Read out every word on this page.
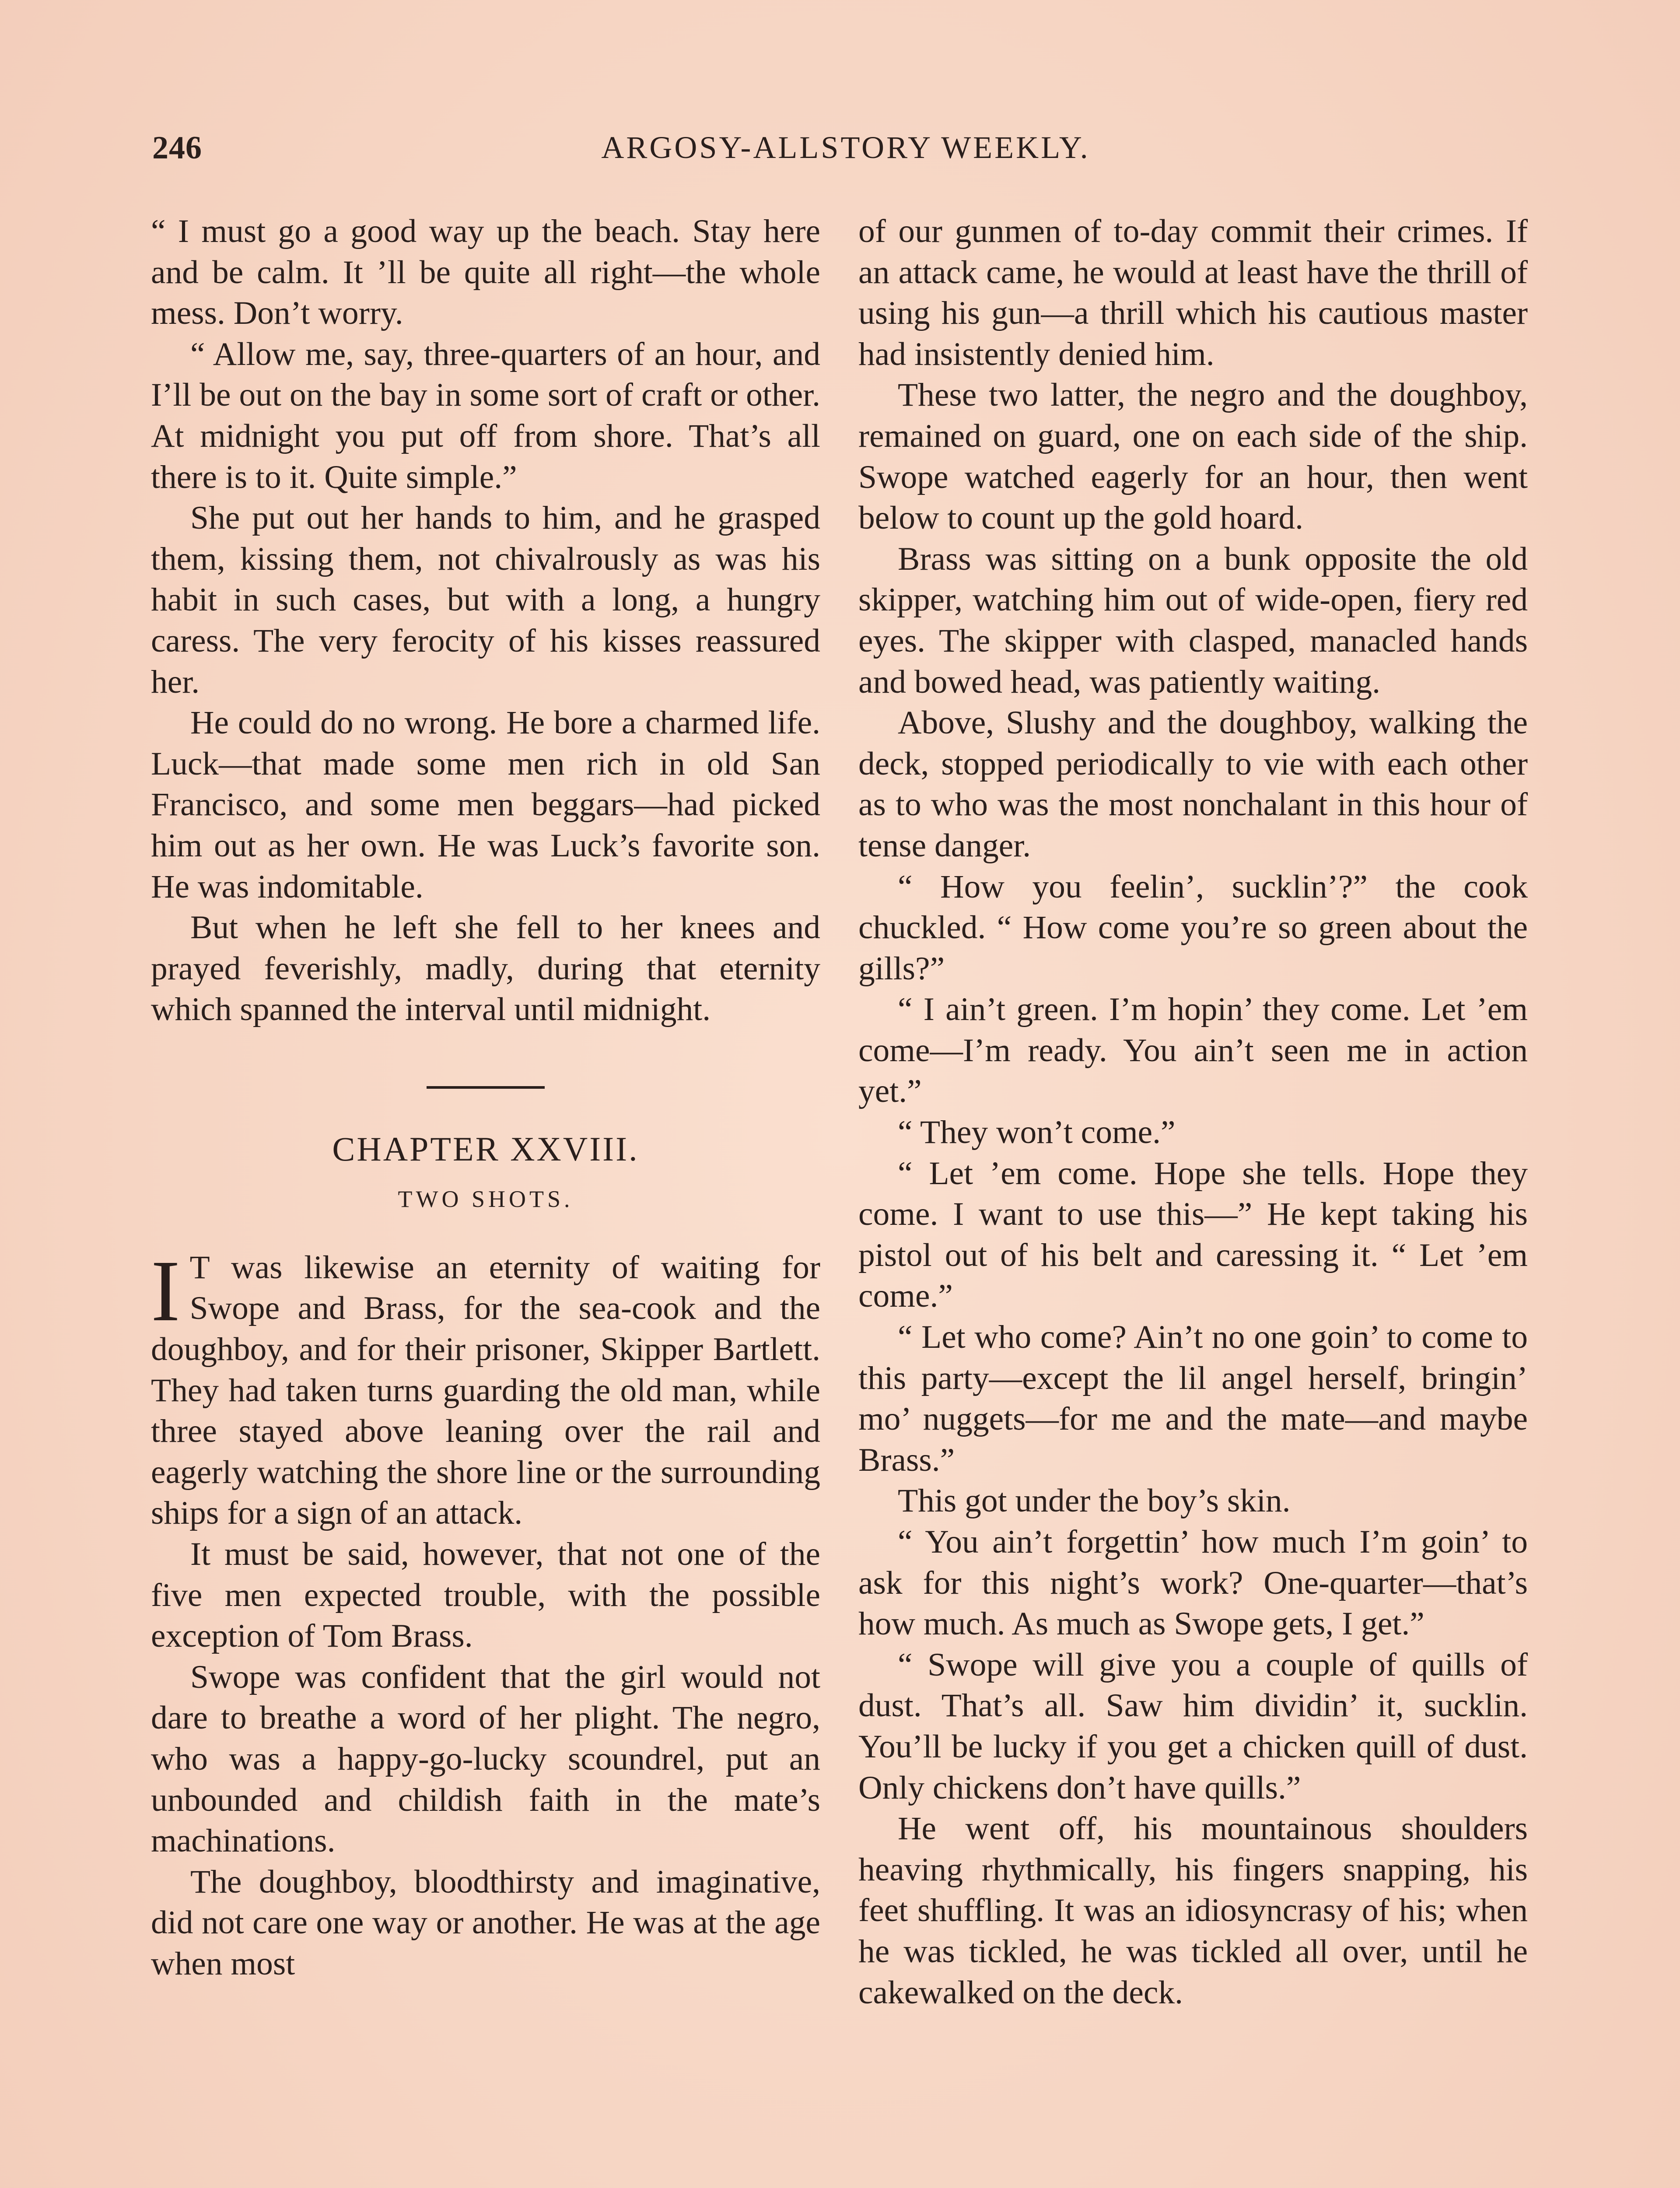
246	ARGOSY-ALLSTORY WEEKLY.

“ I must go a good way up the beach. Stay here and be calm. It ’ll be quite all right—the whole mess. Don’t worry.

“ Allow me, say, three-quarters of an hour, and I’ll be out on the bay in some sort of craft or other. At midnight you put off from shore. That’s all there is to it. Quite simple.”

She put out her hands to him, and he grasped them, kissing them, not chivalrously as was his habit in such cases, but with a long, a hungry caress. The very ferocity of his kisses reassured her.

He could do no wrong. He bore a charmed life. Luck—that made some men rich in old San Francisco, and some men beggars—had picked him out as her own. He was Luck’s favorite son. He was indomitable.

But when he left she fell to her knees and prayed feverishly, madly, during that eternity which spanned the interval until midnight.

CHAPTER XXVIII.
TWO SHOTS.

I T was likewise an eternity of waiting for Swope and Brass, for the sea-cook and the doughboy, and for their prisoner, Skipper Bartlett. They had taken turns guarding the old man, while three stayed above leaning over the rail and eagerly watching the shore line or the surrounding ships for a sign of an attack.

It must be said, however, that not one of the five men expected trouble, with the possible exception of Tom Brass.

Swope was confident that the girl would not dare to breathe a word of her plight. The negro, who was a happy-go-lucky scoundrel, put an unbounded and childish faith in the mate’s machinations.

The doughboy, bloodthirsty and imaginative, did not care one way or another. He was at the age when most

of our gunmen of to-day commit their crimes. If an attack came, he would at least have the thrill of using his gun—a thrill which his cautious master had insistently denied him.

These two latter, the negro and the doughboy, remained on guard, one on each side of the ship. Swope watched eagerly for an hour, then went below to count up the gold hoard.

Brass was sitting on a bunk opposite the old skipper, watching him out of wide-open, fiery red eyes. The skipper with clasped, manacled hands and bowed head, was patiently waiting.

Above, Slushy and the doughboy, walking the deck, stopped periodically to vie with each other as to who was the most nonchalant in this hour of tense danger.

“ How you feelin’, sucklin’?” the cook chuckled. “ How come you’re so green about the gills?”

“ I ain’t green. I’m hopin’ they come. Let ’em come—I’m ready. You ain’t seen me in action yet.”

“ They won’t come.”

“ Let ’em come. Hope she tells. Hope they come. I want to use this—” He kept taking his pistol out of his belt and caressing it. “ Let ’em come.”

“ Let who come? Ain’t no one goin’ to come to this party—except the lil angel herself, bringin’ mo’ nuggets—for me and the mate—and maybe Brass.”

This got under the boy’s skin.

“ You ain’t forgettin’ how much I’m goin’ to ask for this night’s work? One-quarter—that’s how much. As much as Swope gets, I get.”

“ Swope will give you a couple of quills of dust. That’s all. Saw him dividin’ it, sucklin. You’ll be lucky if you get a chicken quill of dust. Only chickens don’t have quills.”

He went off, his mountainous shoulders heaving rhythmically, his fingers snapping, his feet shuffling. It was an idiosyncrasy of his; when he was tickled, he was tickled all over, until he cakewalked on the deck.
